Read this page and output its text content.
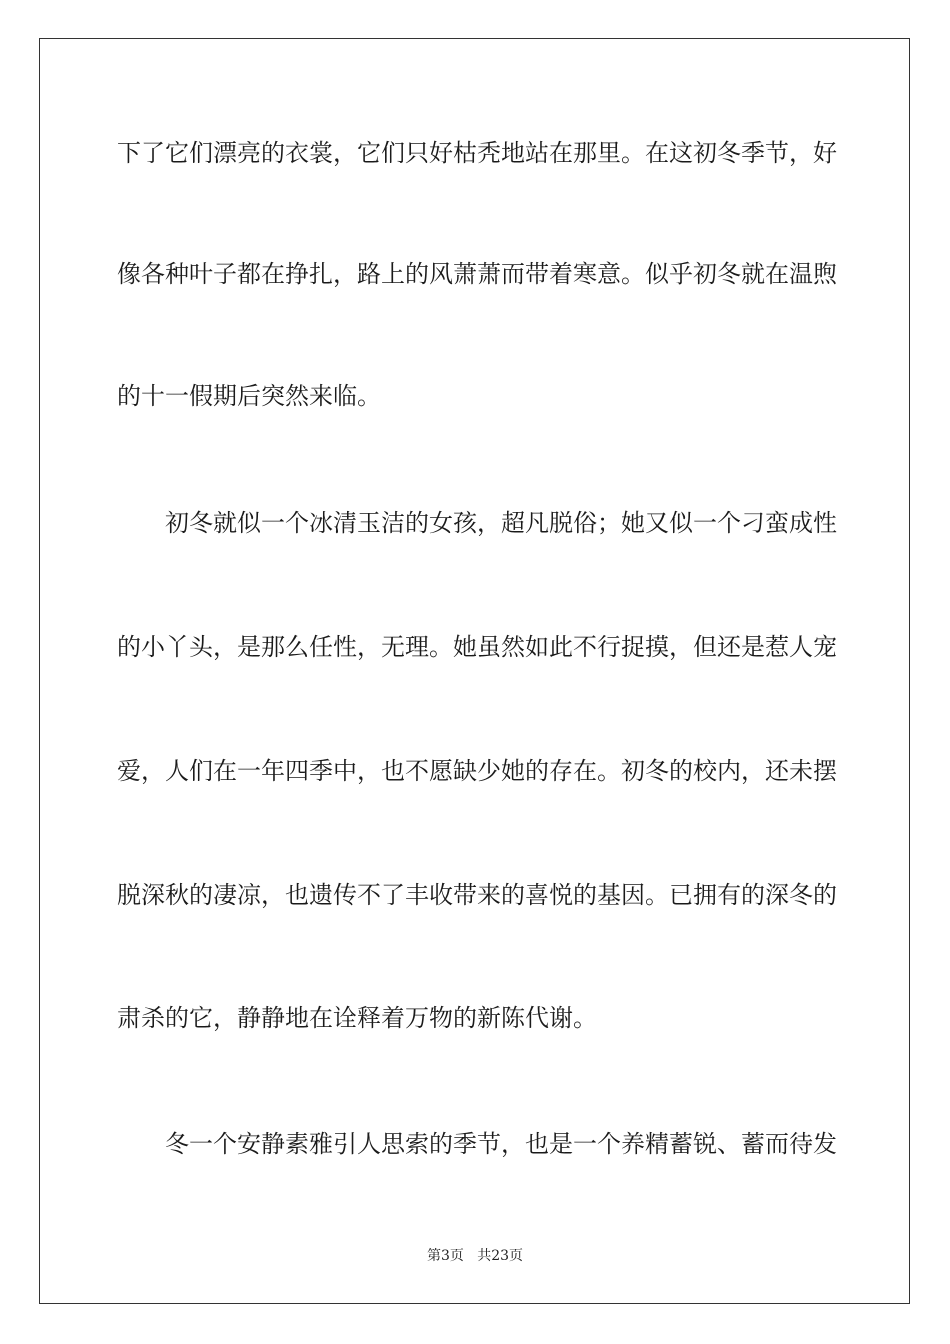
下了它们漂亮的衣裳，它们只好枯秃地站在那里。在这初冬季节，好
像各种叶子都在挣扎，路上的风萧萧而带着寒意。似乎初冬就在温煦
的十一假期后突然来临。
初冬就似一个冰清玉洁的女孩，超凡脱俗；她又似一个刁蛮成性
的小丫头，是那么任性，无理。她虽然如此不行捉摸，但还是惹人宠
爱，人们在一年四季中，也不愿缺少她的存在。初冬的校内，还未摆
脱深秋的凄凉，也遗传不了丰收带来的喜悦的基因。已拥有的深冬的
肃杀的它，静静地在诠释着万物的新陈代谢。
冬一个安静素雅引人思索的季节，也是一个养精蓄锐、蓄而待发
第3页   共23页
